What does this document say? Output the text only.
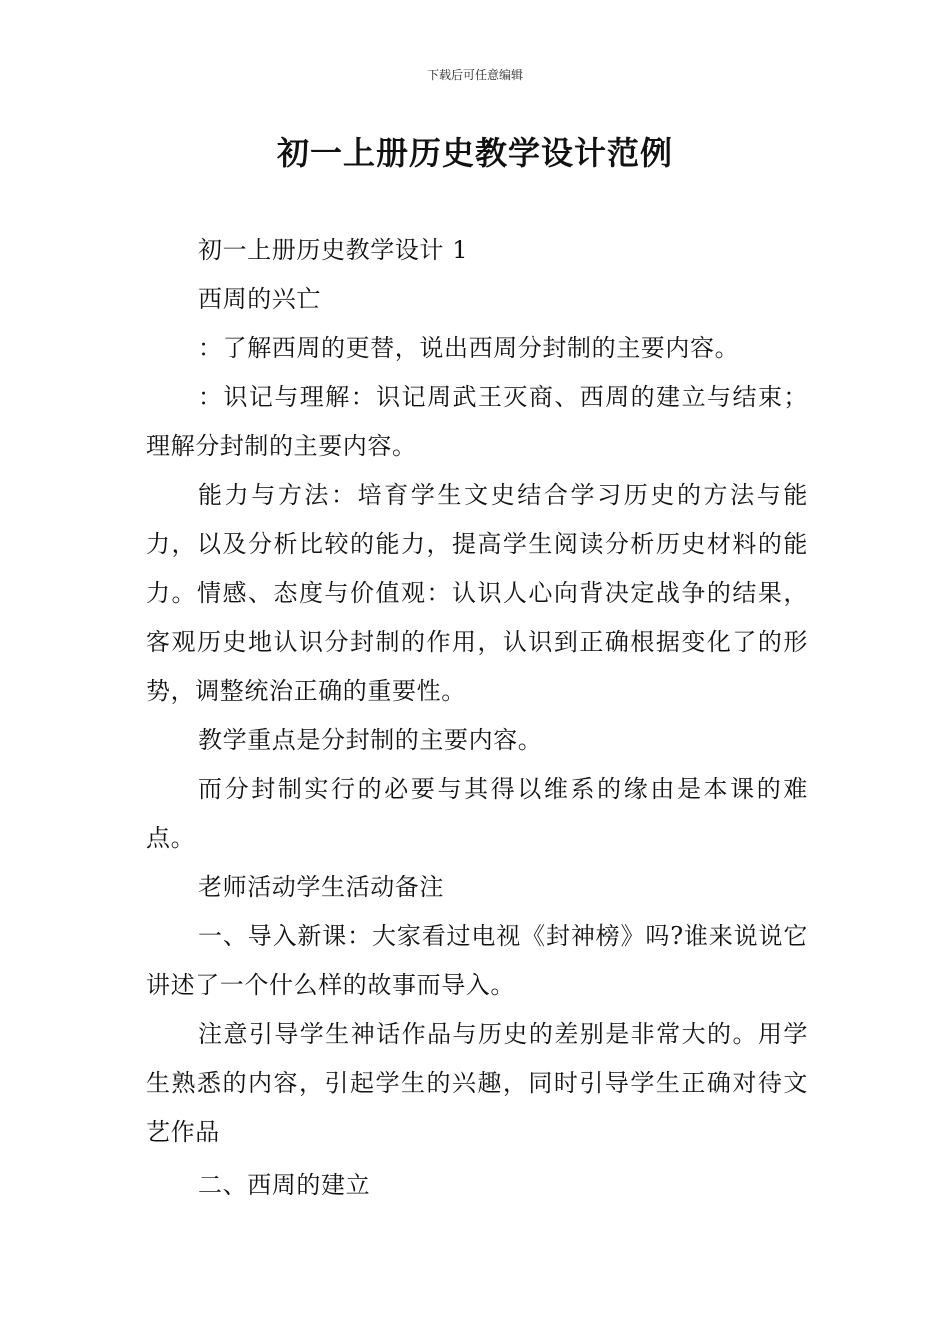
下载后可任意编辑
初一上册历史教学设计范例

初一上册历史教学设计 1

西周的兴亡

：了解西周的更替，说出西周分封制的主要内容。

：识记与理解：识记周武王灭商、西周的建立与结束；理解分封制的主要内容。

能力与方法：培育学生文史结合学习历史的方法与能力，以及分析比较的能力，提高学生阅读分析历史材料的能力。情感、态度与价值观：认识人心向背决定战争的结果，客观历史地认识分封制的作用，认识到正确根据变化了的形势，调整统治正确的重要性。

教学重点是分封制的主要内容。

而分封制实行的必要与其得以维系的缘由是本课的难点。

老师活动学生活动备注

一、导入新课：大家看过电视《封神榜》吗?谁来说说它讲述了一个什么样的故事而导入。

注意引导学生神话作品与历史的差别是非常大的。用学生熟悉的内容，引起学生的兴趣，同时引导学生正确对待文艺作品

二、西周的建立
